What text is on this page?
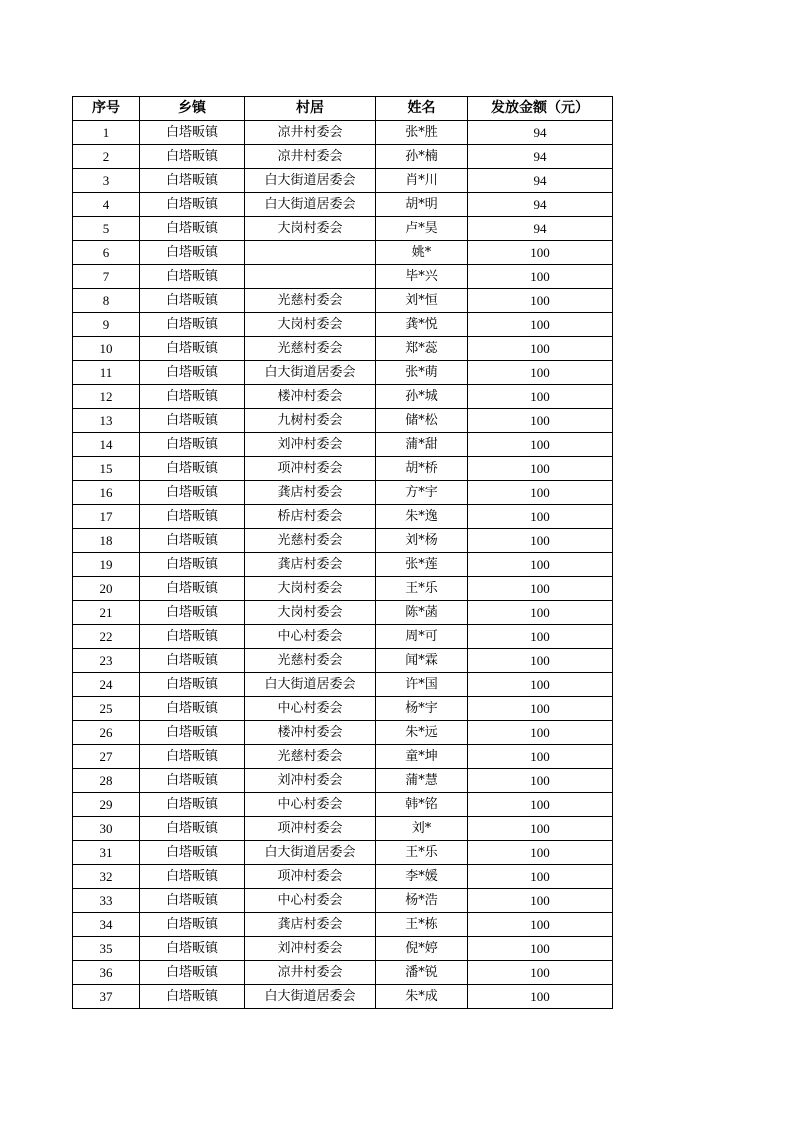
序号	乡镇	村居	姓名	发放金额（元）
1	白塔畈镇	凉井村委会	张*胜	94
2	白塔畈镇	凉井村委会	孙*楠	94
3	白塔畈镇	白大街道居委会	肖*川	94
4	白塔畈镇	白大街道居委会	胡*明	94
5	白塔畈镇	大岗村委会	卢*昊	94
6	白塔畈镇		姚*	100
7	白塔畈镇		毕*兴	100
8	白塔畈镇	光慈村委会	刘*恒	100
9	白塔畈镇	大岗村委会	龚*悦	100
10	白塔畈镇	光慈村委会	郑*蕊	100
11	白塔畈镇	白大街道居委会	张*萌	100
12	白塔畈镇	楼冲村委会	孙*城	100
13	白塔畈镇	九树村委会	储*松	100
14	白塔畈镇	刘冲村委会	蒲*甜	100
15	白塔畈镇	项冲村委会	胡*桥	100
16	白塔畈镇	龚店村委会	方*宇	100
17	白塔畈镇	桥店村委会	朱*逸	100
18	白塔畈镇	光慈村委会	刘*杨	100
19	白塔畈镇	龚店村委会	张*莲	100
20	白塔畈镇	大岗村委会	王*乐	100
21	白塔畈镇	大岗村委会	陈*菡	100
22	白塔畈镇	中心村委会	周*可	100
23	白塔畈镇	光慈村委会	闻*霖	100
24	白塔畈镇	白大街道居委会	许*国	100
25	白塔畈镇	中心村委会	杨*宇	100
26	白塔畈镇	楼冲村委会	朱*远	100
27	白塔畈镇	光慈村委会	童*坤	100
28	白塔畈镇	刘冲村委会	蒲*慧	100
29	白塔畈镇	中心村委会	韩*铭	100
30	白塔畈镇	项冲村委会	刘*	100
31	白塔畈镇	白大街道居委会	王*乐	100
32	白塔畈镇	项冲村委会	李*媛	100
33	白塔畈镇	中心村委会	杨*浩	100
34	白塔畈镇	龚店村委会	王*栋	100
35	白塔畈镇	刘冲村委会	倪*婷	100
36	白塔畈镇	凉井村委会	潘*锐	100
37	白塔畈镇	白大街道居委会	朱*成	100
